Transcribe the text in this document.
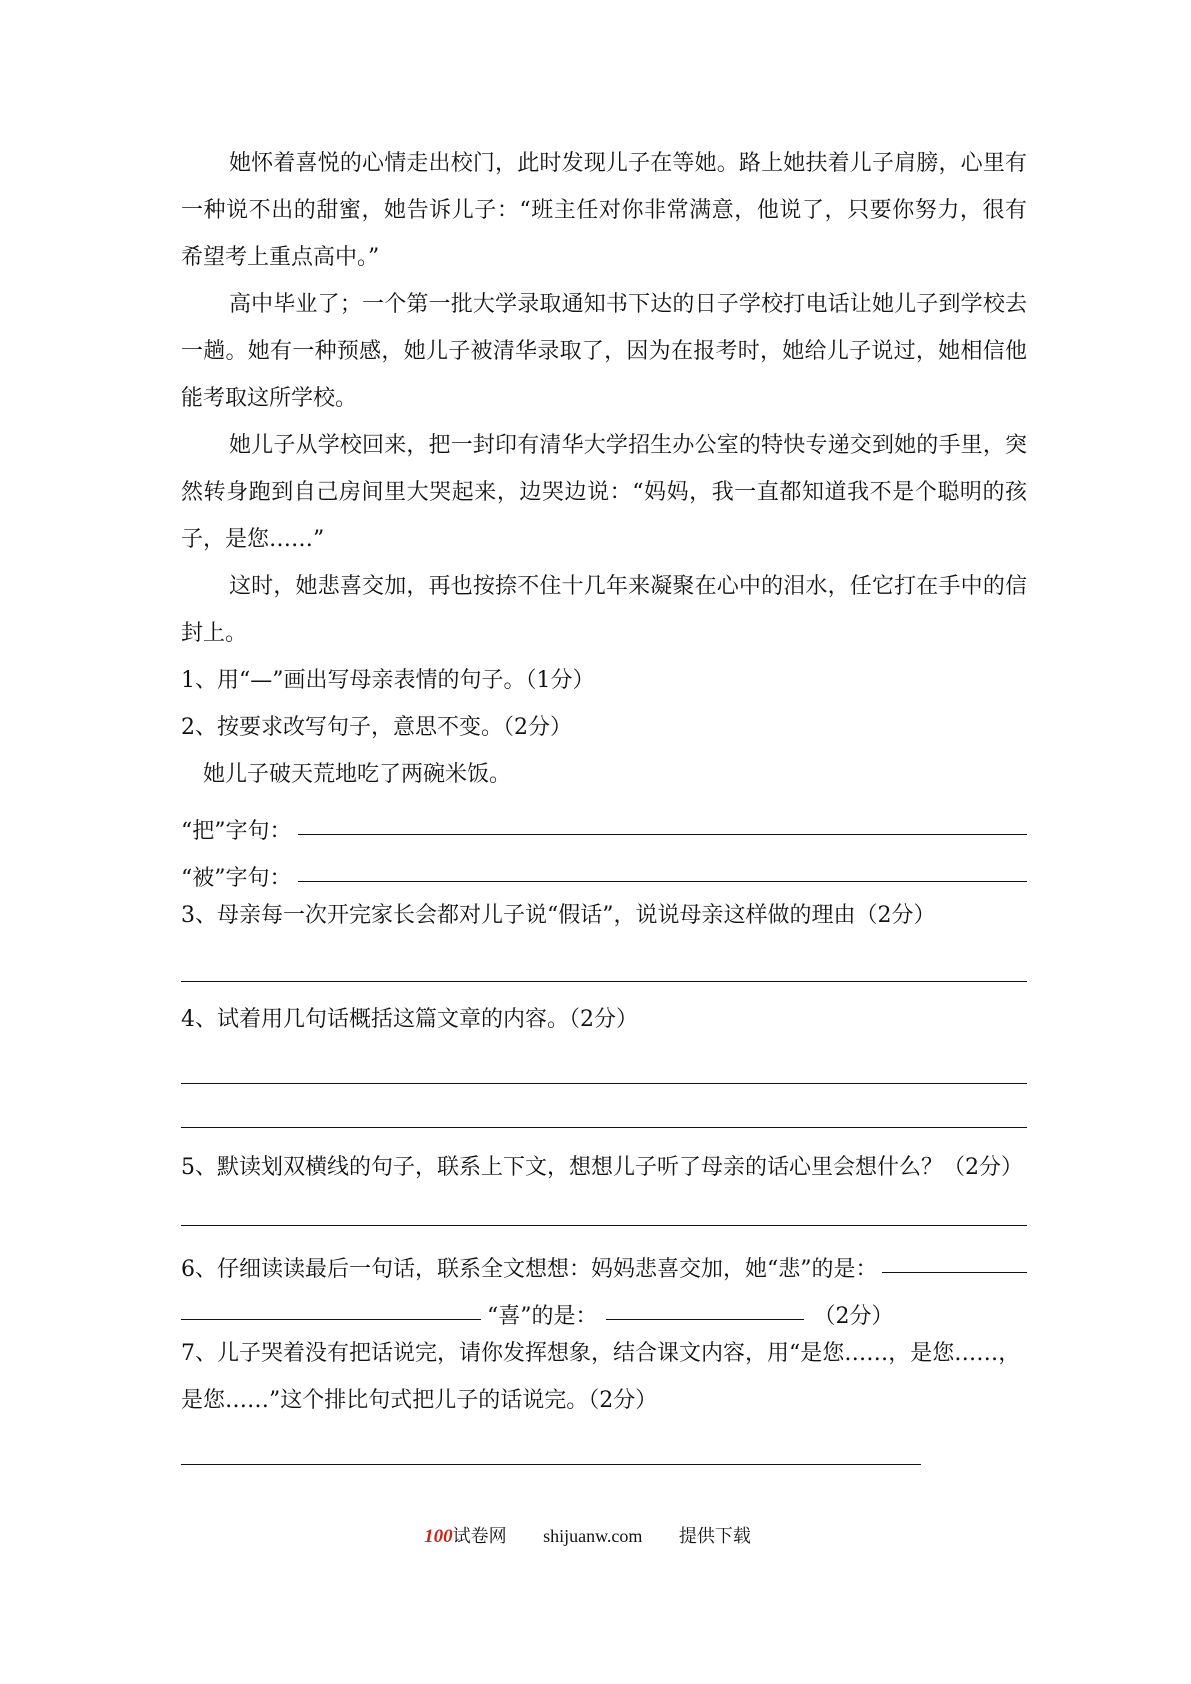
她怀着喜悦的心情走出校门，此时发现儿子在等她。路上她扶着儿子肩膀，心里有一种说不出的甜蜜，她告诉儿子：“班主任对你非常满意，他说了，只要你努力，很有希望考上重点高中。”

高中毕业了；一个第一批大学录取通知书下达的日子学校打电话让她儿子到学校去一趟。她有一种预感，她儿子被清华录取了，因为在报考时，她给儿子说过，她相信他能考取这所学校。

她儿子从学校回来，把一封印有清华大学招生办公室的特快专递交到她的手里，突然转身跑到自己房间里大哭起来，边哭边说：“妈妈，我一直都知道我不是个聪明的孩子，是您……”

这时，她悲喜交加，再也按捺不住十几年来凝聚在心中的泪水，任它打在手中的信封上。

1、用“—”画出写母亲表情的句子。（1分）

2、按要求改写句子，意思不变。（2分）

她儿子破天荒地吃了两碗米饭。

“把”字句：
“被”字句：

3、母亲每一次开完家长会都对儿子说“假话”，说说母亲这样做的理由（2分）

4、试着用几句话概括这篇文章的内容。（2分）

5、默读划双横线的句子，联系上下文，想想儿子听了母亲的话心里会想什么？（2分）

6、仔细读读最后一句话，联系全文想想：妈妈悲喜交加，她“悲”的是：
“喜”的是：	（2分）

7、儿子哭着没有把话说完，请你发挥想象，结合课文内容，用“是您……，是您……，是您……”这个排比句式把儿子的话说完。（2分）

100试卷网 shijuanw.com 提供下载
